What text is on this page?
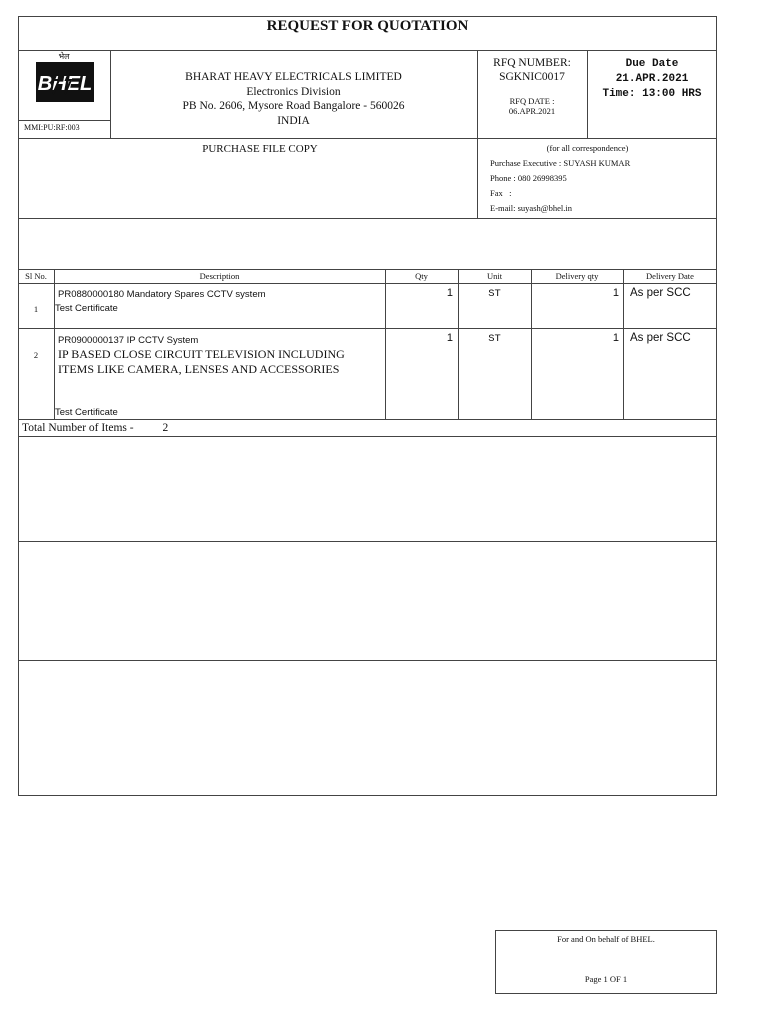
REQUEST FOR QUOTATION
भेल
BHEL
MMI:PU:RF:003
BHARAT HEAVY ELECTRICALS LIMITED
Electronics Division
PB No. 2606, Mysore Road Bangalore - 560026
INDIA
RFQ NUMBER:
SGKNIC0017
RFQ DATE :
06.APR.2021
Due Date
21.APR.2021
Time: 13:00 HRS
PURCHASE FILE COPY	(for all correspondence)
Purchase Executive : SUYASH KUMAR
Phone : 080 26998395
Fax   :
E-mail: suyash@bhel.in
Sl No.	Description	Qty	Unit	Delivery qty	Delivery Date
1
PR0880000180 Mandatory Spares CCTV system
Test Certificate
1	ST	1 As per SCC
2
PR0900000137 IP CCTV System
IP BASED CLOSE CIRCUIT TELEVISION INCLUDING ITEMS LIKE CAMERA, LENSES AND ACCESSORIES
Test Certificate
1	ST	1 As per SCC
Total Number of Items -	2
For and On behalf of BHEL.
Page 1 OF 1
